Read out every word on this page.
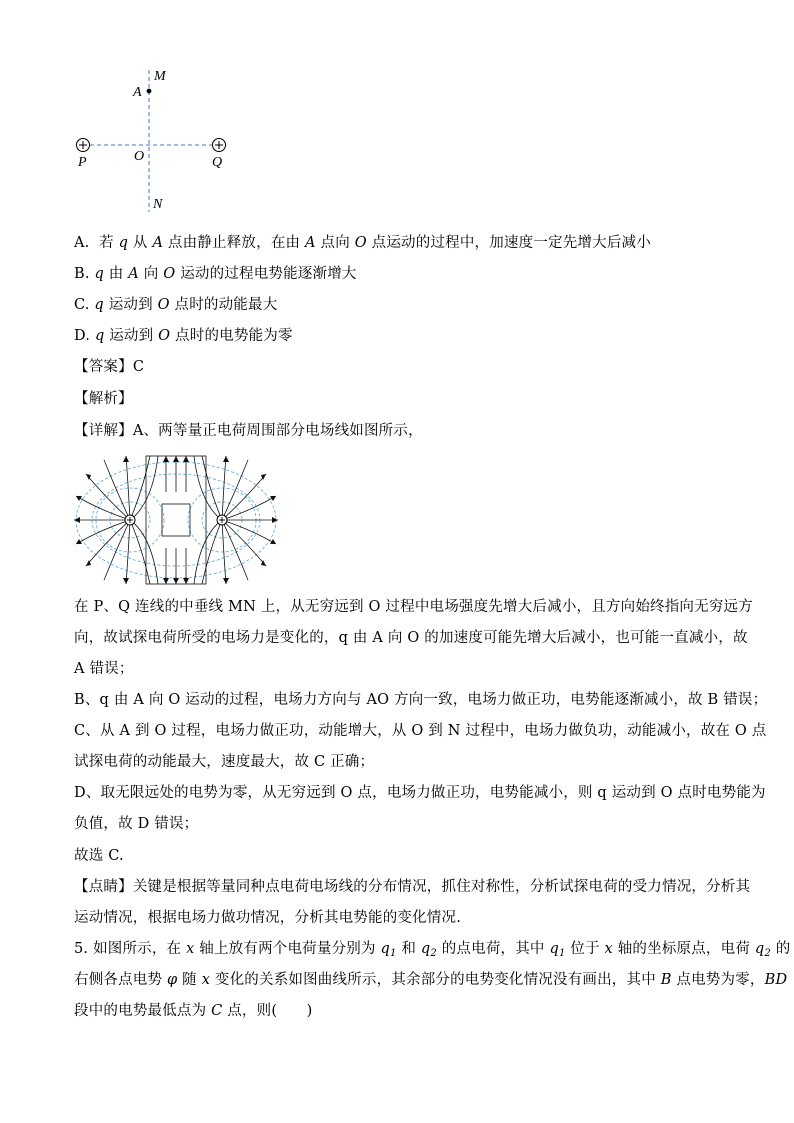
M
A
P	O	Q
N
A. 若 q 从 A 点由静止释放，在由 A 点向 O 点运动的过程中，加速度一定先增大后减小
B. q 由 A 向 O 运动的过程电势能逐渐增大
C. q 运动到 O 点时的动能最大
D. q 运动到 O 点时的电势能为零
【答案】C
【解析】
【详解】A、两等量正电荷周围部分电场线如图所示，
在 P、Q 连线的中垂线 MN 上，从无穷远到 O 过程中电场强度先增大后减小，且方向始终指向无穷远方
向，故试探电荷所受的电场力是变化的，q 由 A 向 O 的加速度可能先增大后减小，也可能一直减小，故
A 错误；
B、q 由 A 向 O 运动的过程，电场力方向与 AO 方向一致，电场力做正功，电势能逐渐减小，故 B 错误；
C、从 A 到 O 过程，电场力做正功，动能增大，从 O 到 N 过程中，电场力做负功，动能减小，故在 O 点
试探电荷的动能最大，速度最大，故 C 正确；
D、取无限远处的电势为零，从无穷远到 O 点，电场力做正功，电势能减小，则 q 运动到 O 点时电势能为
负值，故 D 错误；
故选 C.
【点睛】关键是根据等量同种点电荷电场线的分布情况，抓住对称性，分析试探电荷的受力情况，分析其
运动情况，根据电场力做功情况，分析其电势能的变化情况.
5. 如图所示，在 x 轴上放有两个电荷量分别为 $q_1$ 和 $q_2$ 的点电荷，其中 $q_1$ 位于 x 轴的坐标原点，电荷 $q_2$ 的
右侧各点电势 φ 随 x 变化的关系如图曲线所示，其余部分的电势变化情况没有画出，其中 B 点电势为零，BD
段中的电势最低点为 C 点，则(　　)
